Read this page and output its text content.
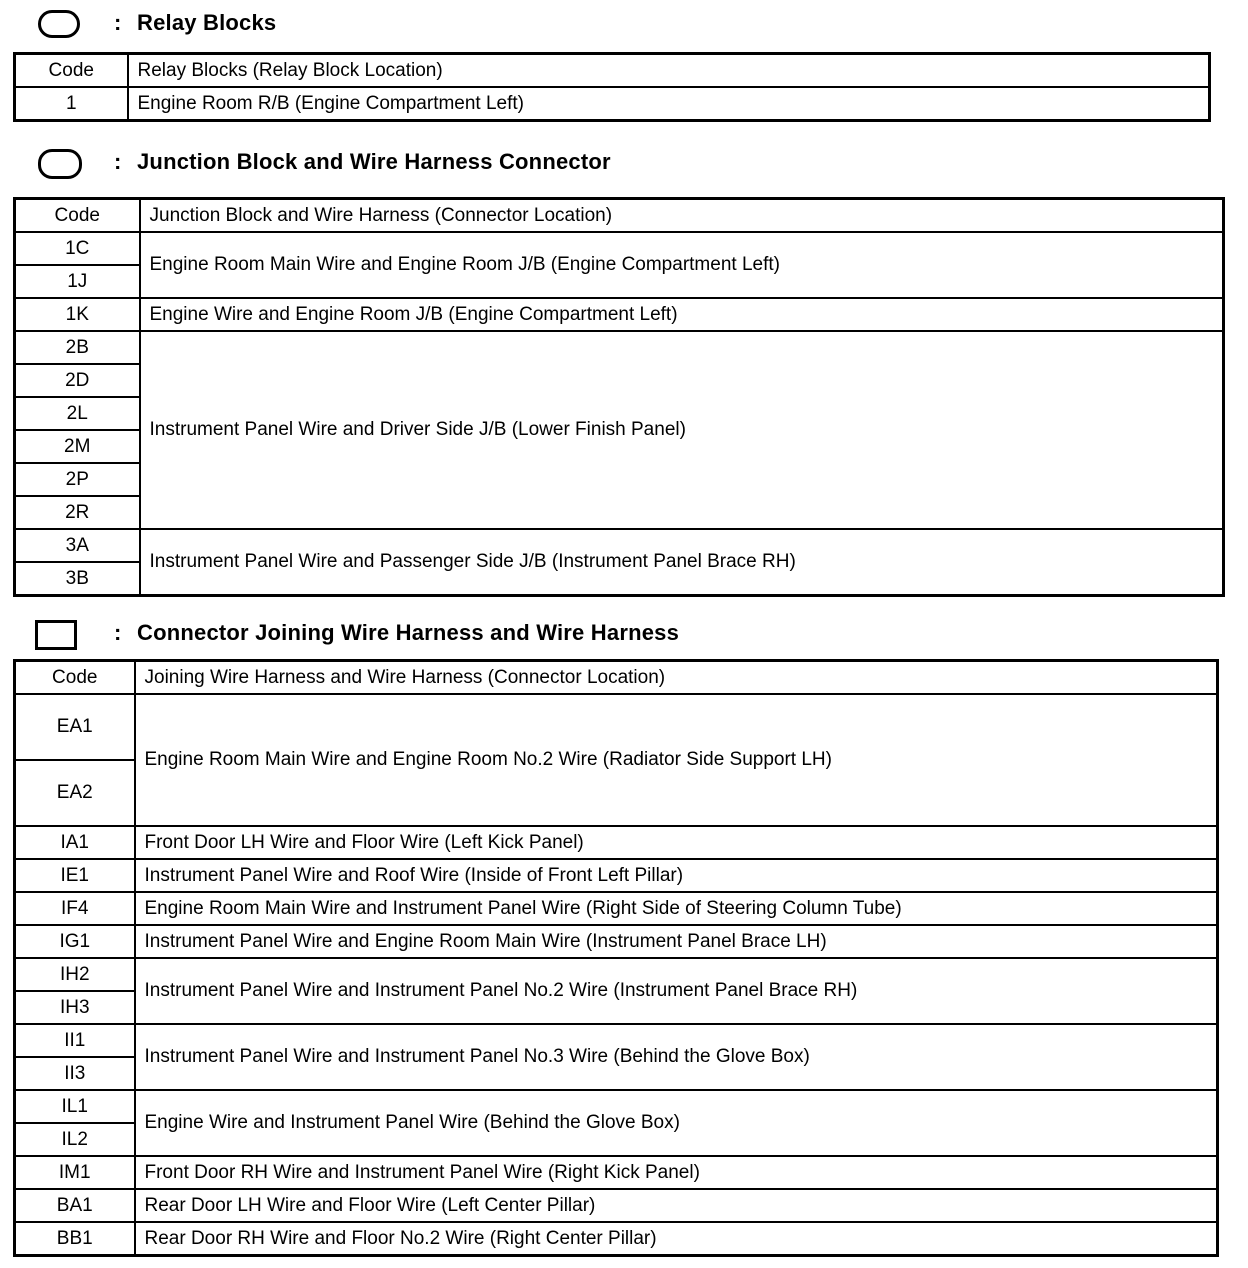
: Relay Blocks
Code	Relay Blocks (Relay Block Location)
1	Engine Room R/B (Engine Compartment Left)
: Junction Block and Wire Harness Connector
Code	Junction Block and Wire Harness (Connector Location)
1C	Engine Room Main Wire and Engine Room J/B (Engine Compartment Left)
1J	
1K	Engine Wire and Engine Room J/B (Engine Compartment Left)
2B	Instrument Panel Wire and Driver Side J/B (Lower Finish Panel)
2D	
2L	
2M	
2P	
2R	
3A	Instrument Panel Wire and Passenger Side J/B (Instrument Panel Brace RH)
3B	
: Connector Joining Wire Harness and Wire Harness
Code	Joining Wire Harness and Wire Harness (Connector Location)
EA1	Engine Room Main Wire and Engine Room No.2 Wire (Radiator Side Support LH)
EA2	
IA1	Front Door LH Wire and Floor Wire (Left Kick Panel)
IE1	Instrument Panel Wire and Roof Wire (Inside of Front Left Pillar)
IF4	Engine Room Main Wire and Instrument Panel Wire (Right Side of Steering Column Tube)
IG1	Instrument Panel Wire and Engine Room Main Wire (Instrument Panel Brace LH)
IH2	Instrument Panel Wire and Instrument Panel No.2 Wire (Instrument Panel Brace RH)
IH3	
II1	Instrument Panel Wire and Instrument Panel No.3 Wire (Behind the Glove Box)
II3	
IL1	Engine Wire and Instrument Panel Wire (Behind the Glove Box)
IL2	
IM1	Front Door RH Wire and Instrument Panel Wire (Right Kick Panel)
BA1	Rear Door LH Wire and Floor Wire (Left Center Pillar)
BB1	Rear Door RH Wire and Floor No.2 Wire (Right Center Pillar)
